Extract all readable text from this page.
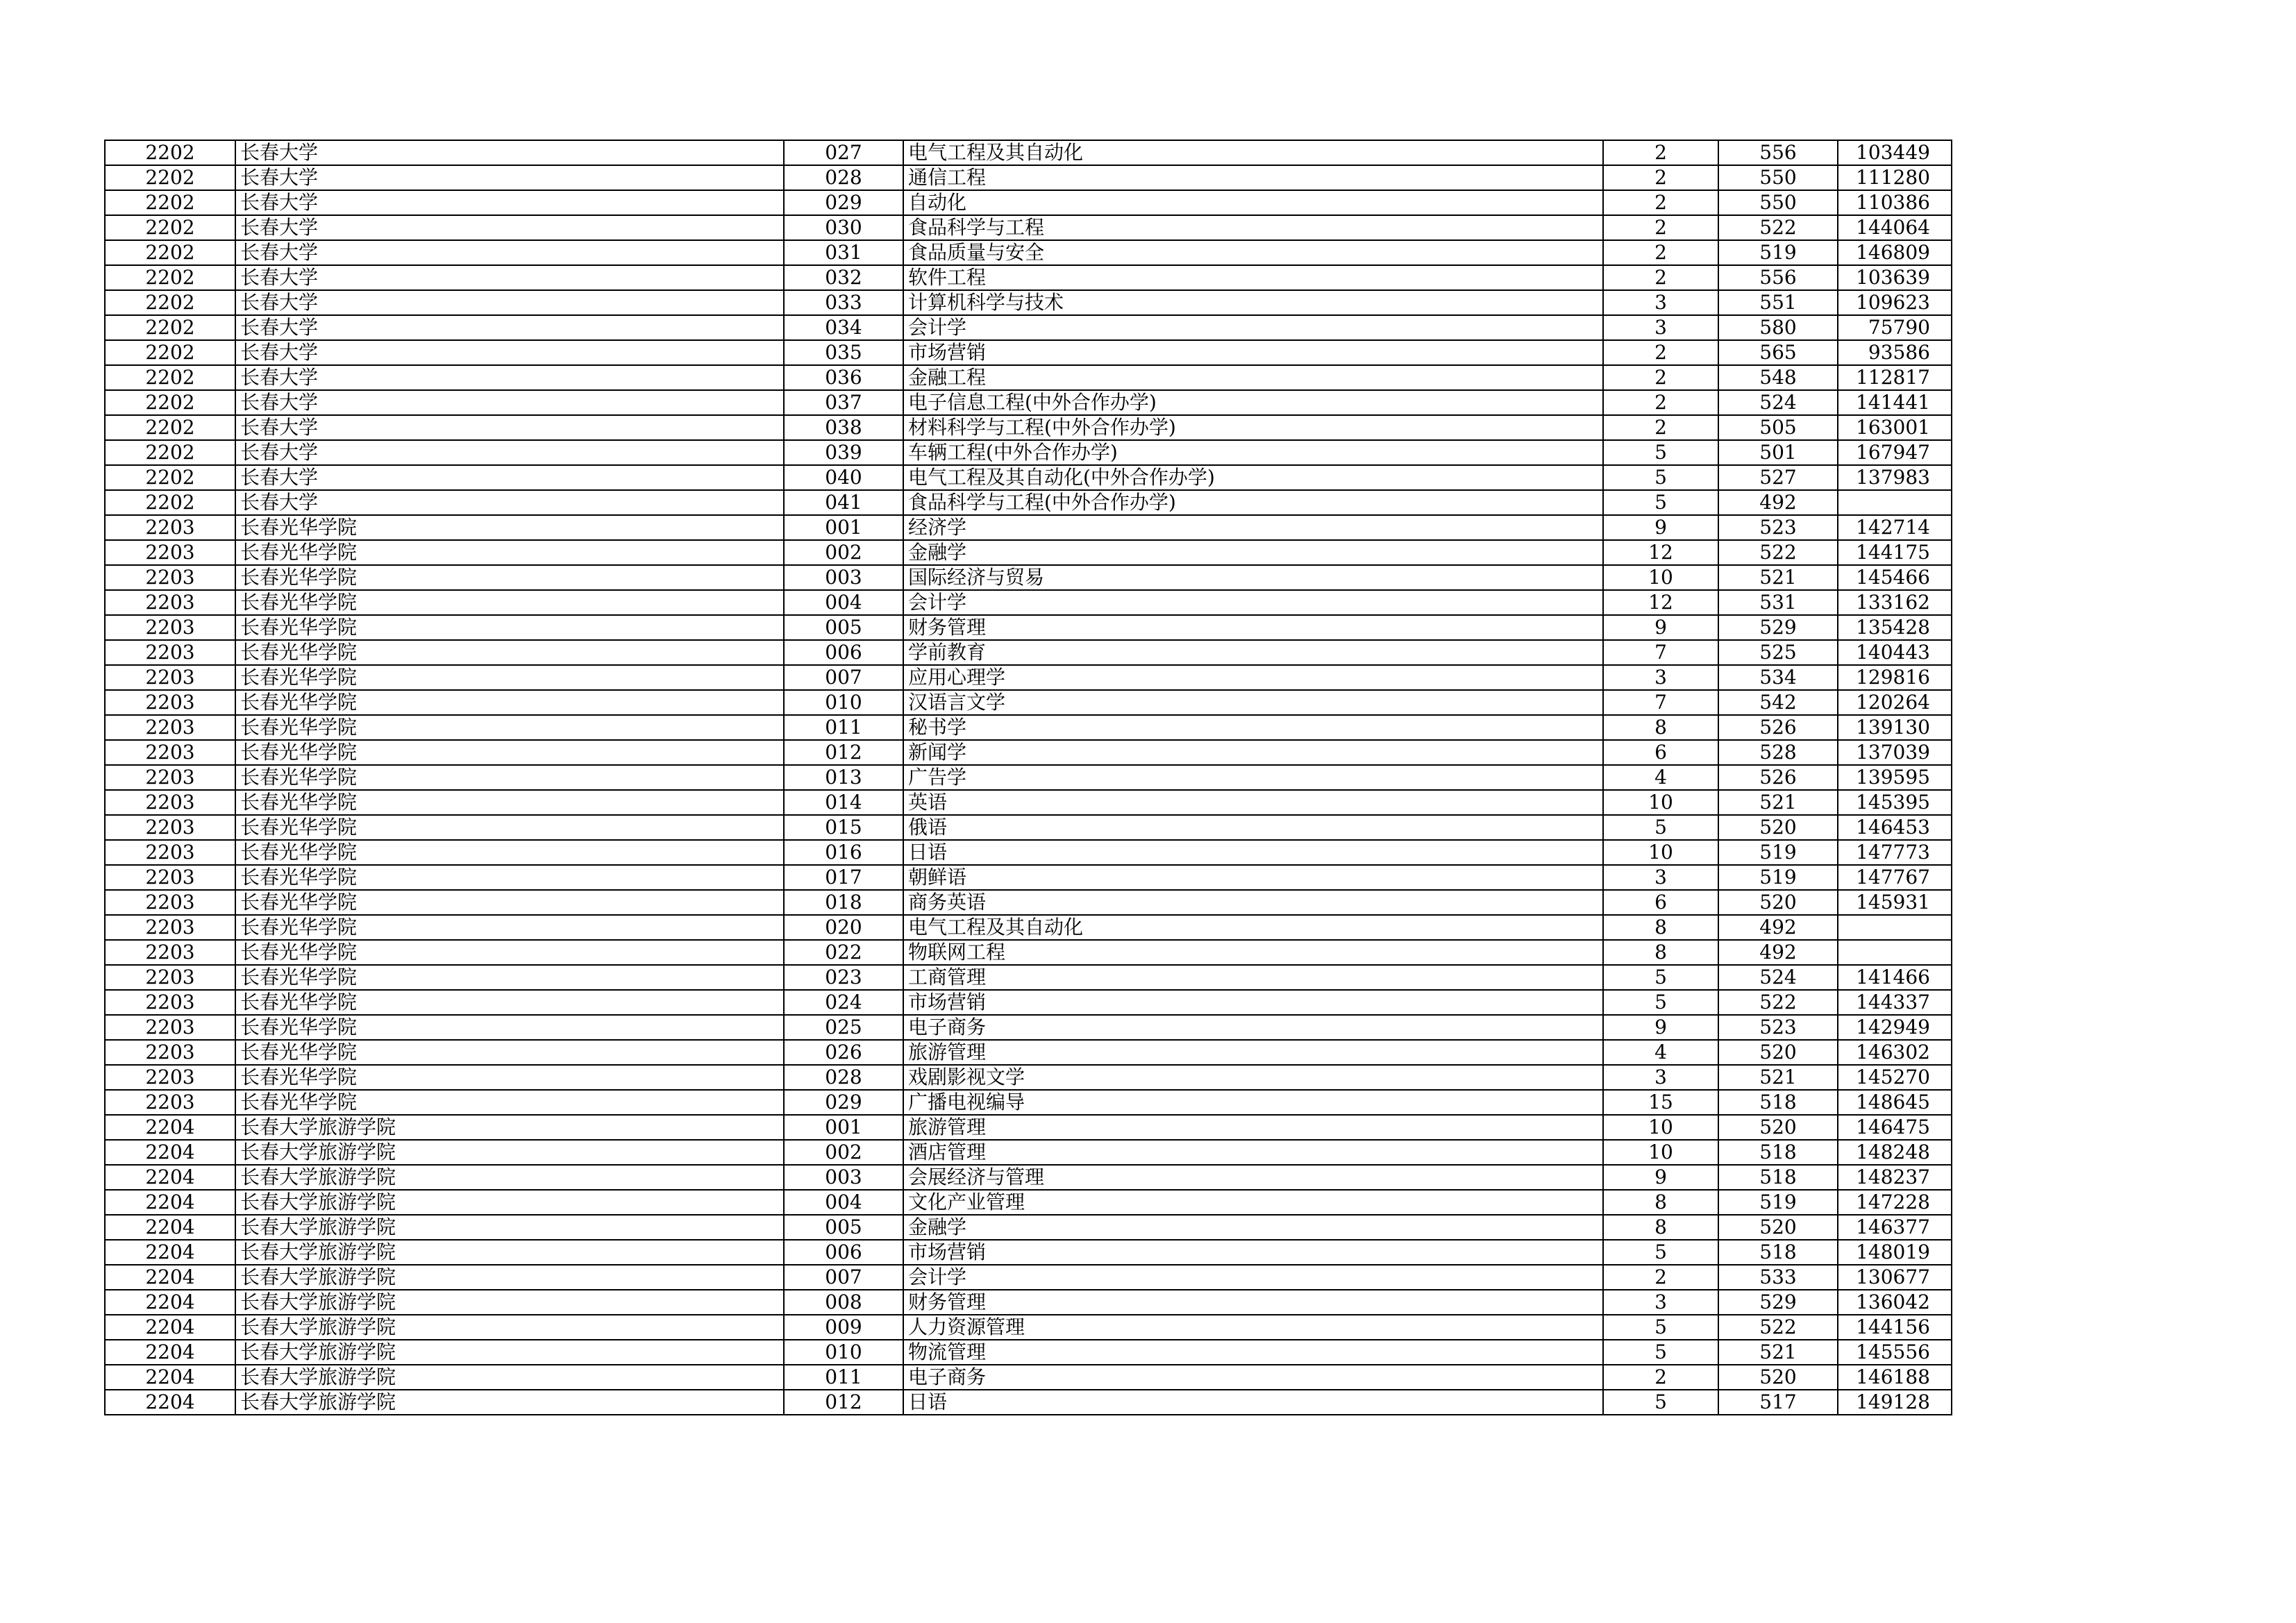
2202	长春大学	027	电气工程及其自动化	2	556	103449
2202	长春大学	028	通信工程	2	550	111280
2202	长春大学	029	自动化	2	550	110386
2202	长春大学	030	食品科学与工程	2	522	144064
2202	长春大学	031	食品质量与安全	2	519	146809
2202	长春大学	032	软件工程	2	556	103639
2202	长春大学	033	计算机科学与技术	3	551	109623
2202	长春大学	034	会计学	3	580	75790
2202	长春大学	035	市场营销	2	565	93586
2202	长春大学	036	金融工程	2	548	112817
2202	长春大学	037	电子信息工程(中外合作办学)	2	524	141441
2202	长春大学	038	材料科学与工程(中外合作办学)	2	505	163001
2202	长春大学	039	车辆工程(中外合作办学)	5	501	167947
2202	长春大学	040	电气工程及其自动化(中外合作办学)	5	527	137983
2202	长春大学	041	食品科学与工程(中外合作办学)	5	492	
2203	长春光华学院	001	经济学	9	523	142714
2203	长春光华学院	002	金融学	12	522	144175
2203	长春光华学院	003	国际经济与贸易	10	521	145466
2203	长春光华学院	004	会计学	12	531	133162
2203	长春光华学院	005	财务管理	9	529	135428
2203	长春光华学院	006	学前教育	7	525	140443
2203	长春光华学院	007	应用心理学	3	534	129816
2203	长春光华学院	010	汉语言文学	7	542	120264
2203	长春光华学院	011	秘书学	8	526	139130
2203	长春光华学院	012	新闻学	6	528	137039
2203	长春光华学院	013	广告学	4	526	139595
2203	长春光华学院	014	英语	10	521	145395
2203	长春光华学院	015	俄语	5	520	146453
2203	长春光华学院	016	日语	10	519	147773
2203	长春光华学院	017	朝鲜语	3	519	147767
2203	长春光华学院	018	商务英语	6	520	145931
2203	长春光华学院	020	电气工程及其自动化	8	492	
2203	长春光华学院	022	物联网工程	8	492	
2203	长春光华学院	023	工商管理	5	524	141466
2203	长春光华学院	024	市场营销	5	522	144337
2203	长春光华学院	025	电子商务	9	523	142949
2203	长春光华学院	026	旅游管理	4	520	146302
2203	长春光华学院	028	戏剧影视文学	3	521	145270
2203	长春光华学院	029	广播电视编导	15	518	148645
2204	长春大学旅游学院	001	旅游管理	10	520	146475
2204	长春大学旅游学院	002	酒店管理	10	518	148248
2204	长春大学旅游学院	003	会展经济与管理	9	518	148237
2204	长春大学旅游学院	004	文化产业管理	8	519	147228
2204	长春大学旅游学院	005	金融学	8	520	146377
2204	长春大学旅游学院	006	市场营销	5	518	148019
2204	长春大学旅游学院	007	会计学	2	533	130677
2204	长春大学旅游学院	008	财务管理	3	529	136042
2204	长春大学旅游学院	009	人力资源管理	5	522	144156
2204	长春大学旅游学院	010	物流管理	5	521	145556
2204	长春大学旅游学院	011	电子商务	2	520	146188
2204	长春大学旅游学院	012	日语	5	517	149128
